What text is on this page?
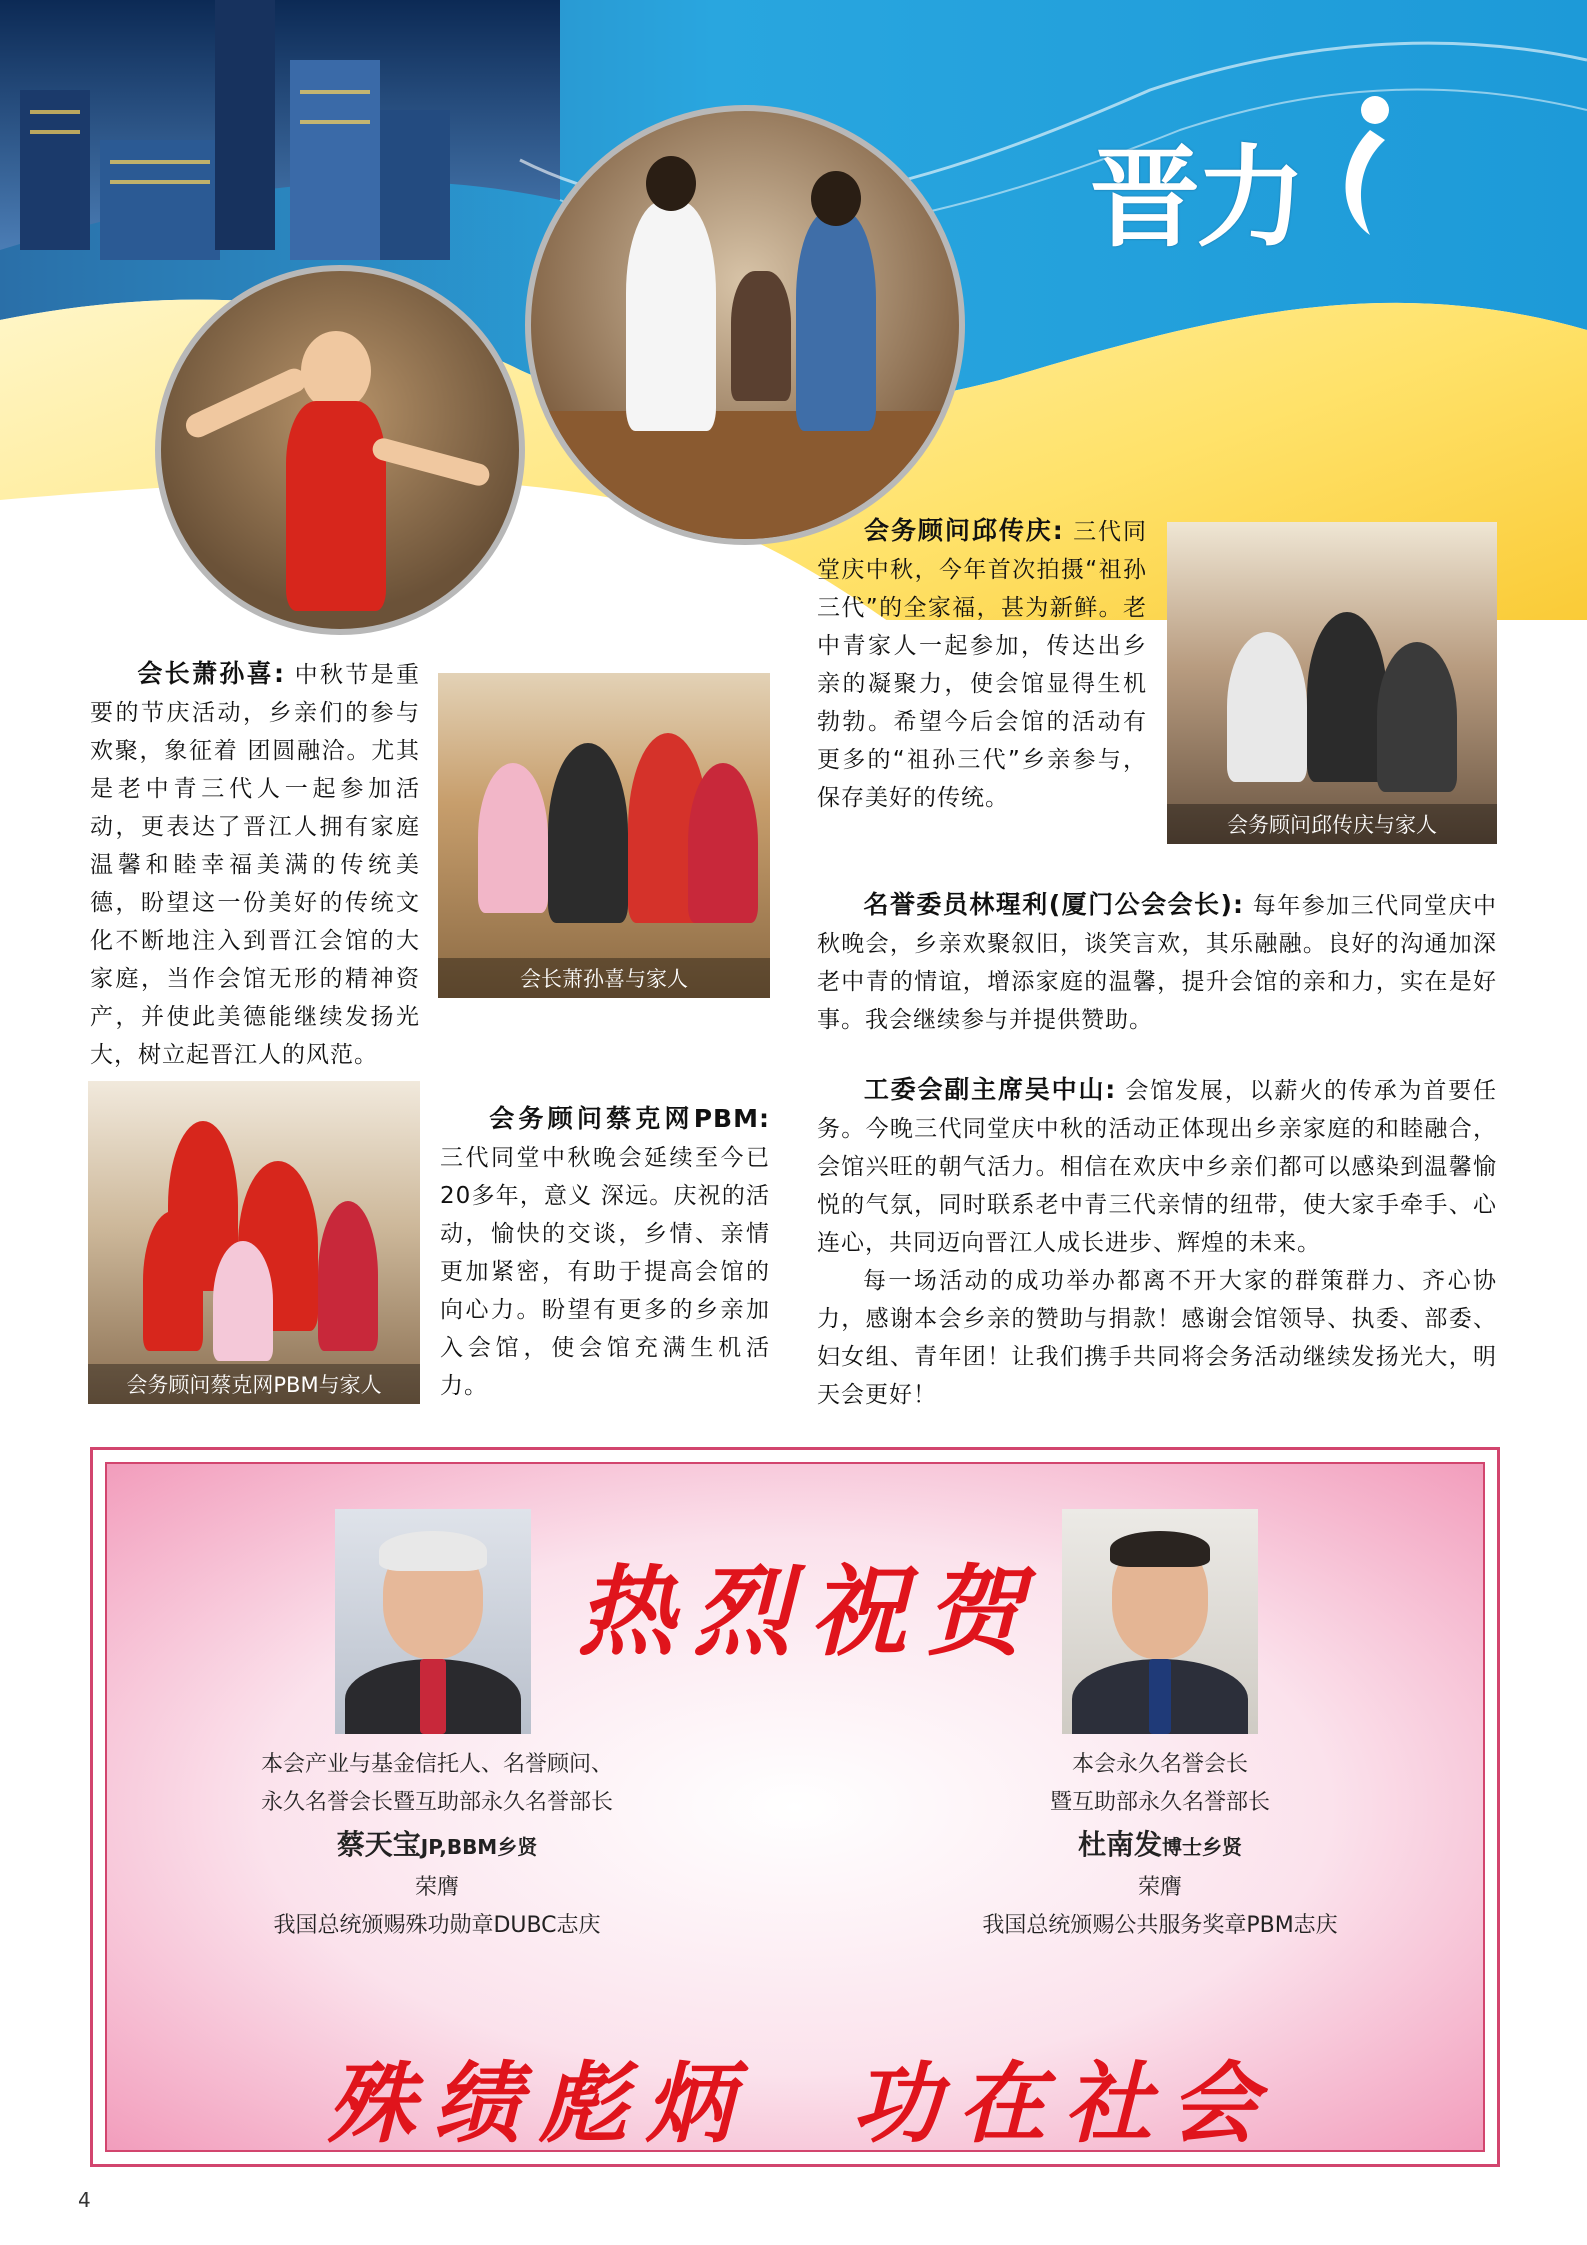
晋力
会长萧孙喜与家人
会务顾问邱传庆与家人
会务顾问蔡克网PBM与家人
会长萧孙喜: 中秋节是重要的节庆活动，乡亲们的参与欢聚，象征着 团圆融洽。尤其是老中青三代人一起参加活动，更表达了晋江人拥有家庭温馨和睦幸福美满的传统美德，盼望这一份美好的传统文化不断地注入到晋江会馆的大家庭，当作会馆无形的精神资产，并使此美德能继续发扬光大，树立起晋江人的风范。
会务顾问邱传庆: 三代同堂庆中秋，今年首次拍摄“祖孙三代”的全家福，甚为新鲜。老中青家人一起参加，传达出乡亲的凝聚力，使会馆显得生机勃勃。希望今后会馆的活动有更多的“祖孙三代”乡亲参与，保存美好的传统。
会务顾问蔡克网PBM: 三代同堂中秋晚会延续至今已20多年，意义 深远。庆祝的活动，愉快的交谈，乡情、亲情更加紧密，有助于提高会馆的向心力。盼望有更多的乡亲加入会馆，使会馆充满生机活力。
名誉委员林瑆利(厦门公会会长): 每年参加三代同堂庆中秋晚会，乡亲欢聚叙旧，谈笑言欢，其乐融融。良好的沟通加深老中青的情谊，增添家庭的温馨，提升会馆的亲和力，实在是好事。我会继续参与并提供赞助。
工委会副主席吴中山: 会馆发展，以薪火的传承为首要任务。今晚三代同堂庆中秋的活动正体现出乡亲家庭的和睦融合，会馆兴旺的朝气活力。相信在欢庆中乡亲们都可以感染到温馨愉悦的气氛，同时联系老中青三代亲情的纽带，使大家手牵手、心连心，共同迈向晋江人成长进步、辉煌的未来。
每一场活动的成功举办都离不开大家的群策群力、齐心协力，感谢本会乡亲的赞助与捐款！感谢会馆领导、执委、部委、妇女组、青年团！让我们携手共同将会务活动继续发扬光大，明天会更好！
热烈祝贺
本会产业与基金信托人、名誉顾问、
永久名誉会长暨互助部永久名誉部长
蔡天宝JP,BBM乡贤
荣膺
我国总统颁赐殊功勋章DUBC志庆
本会永久名誉会长
暨互助部永久名誉部长
杜南发博士乡贤
荣膺
我国总统颁赐公共服务奖章PBM志庆
殊绩彪炳 功在社会
4
